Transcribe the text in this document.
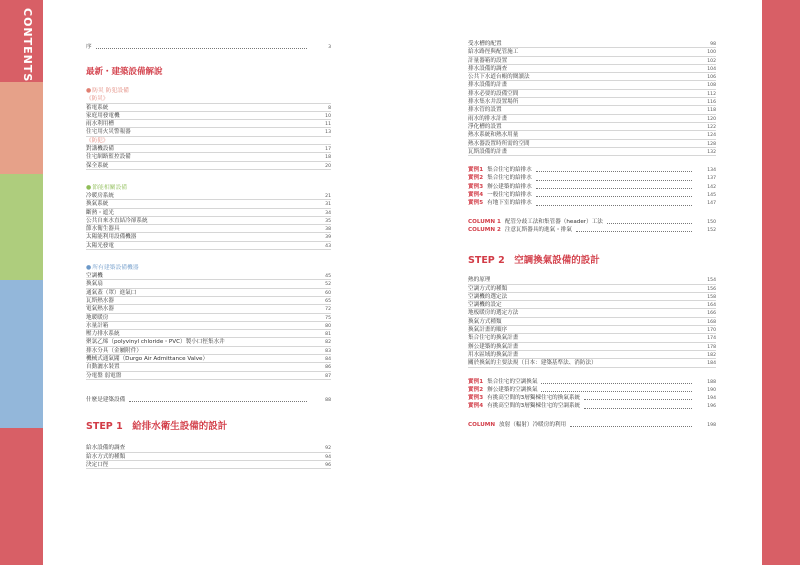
CONTENTS	序	3
最新・建築設備解說
●防災 防犯設備
《防災》
蓄電系統	8
家庭用發電機	10
雨水利用槽	11
住宅用火災警報器	13
《防犯》
對講機設備	17
住宅網路監控設備	18
保全系統	20
●節能相關設備
冷暖房系統	21
換氣系統	31
斷熱・遮光	34
公共自來水直結冷卻系統	35
節水衛生器具	38
太陽能利用設備機器	39
太陽光發電	43
●所有建築設備機器
空調機	45
換氣扇	52
通氣蓋（罩）進氣口	60
瓦斯熱水器	65
電氣熱水器	72
地暖暖房	75
水量計箱	80
壓力排水系統	81
聚氯乙烯（polyvinyl chloride・PVC）製小口徑集水井	82
排水分具（金屬附件）	83
機械式通氣閥（Durgo Air Admittance Valve）	84
自動灑水裝置	86
分電盤 弱電盤	87
什麼是建築設備	88
STEP 1　給排水衛生設備的設計
給水設備的調查	92
給水方式的種類	94
決定口徑	96
受水槽的配置	98
給水路徑與配管施工	100
計量器箱的設置	102
排水設備的調查	104
公共下水道台帳的閱讀法	106
排水設備的計畫	108
排水必要的設備空間	112
排水集水井設置場所	116
排水管的設置	118
雨水的排水計畫	120
淨化槽的設置	122
熱水系統和熱水用量	124
熱水器設置時所需的空間	128
瓦斯設備的計畫	132
實例1 集合住宅的給排水	134
實例2 集合住宅的給排水	137
實例3 辦公建築的給排水	142
實例4 一般住宅的給排水	145
實例5 有地下室的給排水	147
COLUMN 1 配管分歧工法和集管器（header）工法	150
COLUMN 2 注意瓦斯器具的進氣・排氣	152
STEP 2　空調換氣設備的設計
熱的原理	154
空調方式的種類	156
空調機的選定法	158
空調機的設定	164
地板暖房的選定方法	166
換氣方式種類	168
換氣計畫的順序	170
集合住宅的換氣計畫	174
辦公建築的換氣計畫	178
用水區域的換氣計畫	182
關於換氣的主要法規（日本：建築基準法、消防法）	184
實例1 集合住宅的空調換氣	188
實例2 辦公建築的空調換氣	190
實例3 有挑高空間的3層獨棟住宅的換氣系統	194
實例4 有挑高空間的3層獨棟住宅的空調系統	196
COLUMN 放射（輻射）冷暖房的利用	198
